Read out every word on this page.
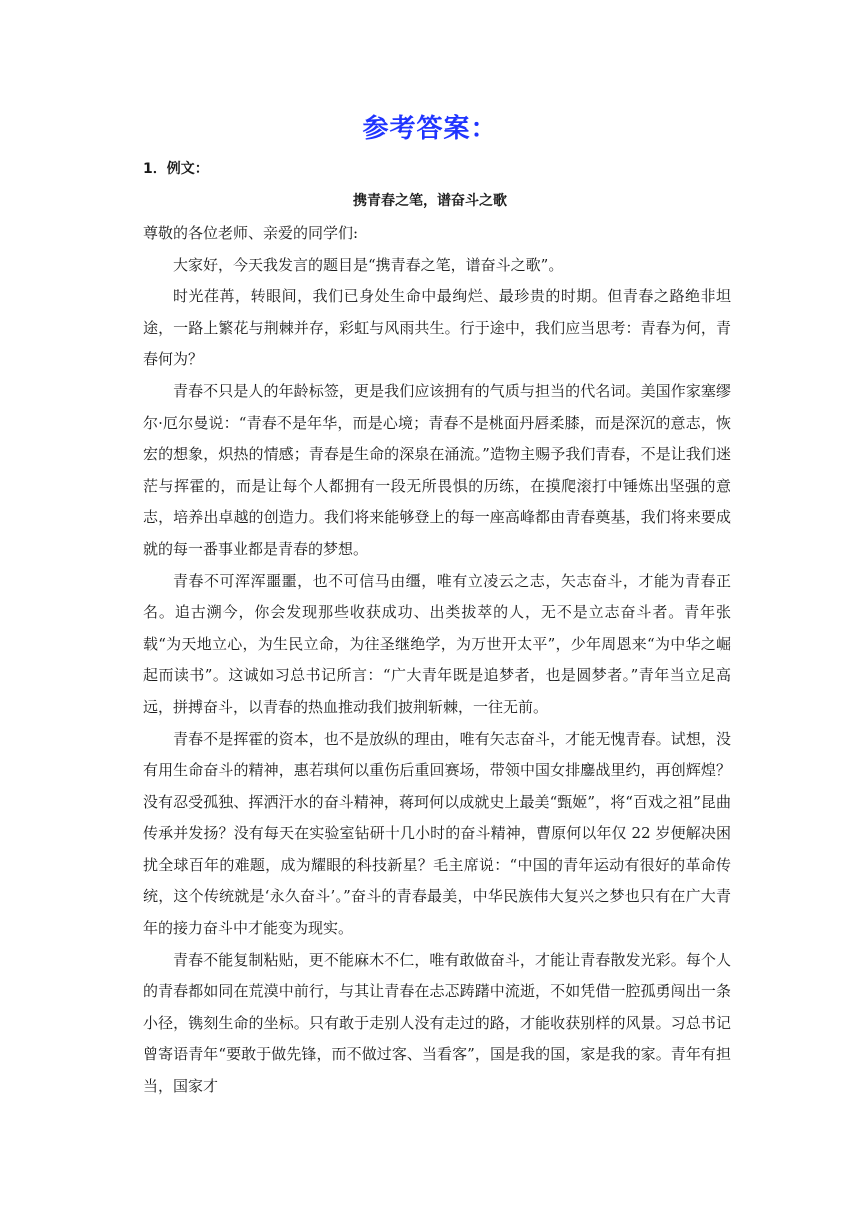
参考答案：
1．例文：
携青春之笔，谱奋斗之歌

尊敬的各位老师、亲爱的同学们:

大家好，今天我发言的题目是“携青春之笔，谱奋斗之歌”。

时光荏苒，转眼间，我们已身处生命中最绚烂、最珍贵的时期。但青春之路绝非坦途，一路上繁花与荆棘并存，彩虹与风雨共生。行于途中，我们应当思考：青春为何，青春何为？

青春不只是人的年龄标签，更是我们应该拥有的气质与担当的代名词。美国作家塞缪尔·厄尔曼说：“青春不是年华，而是心境；青春不是桃面丹唇柔膝，而是深沉的意志，恢宏的想象，炽热的情感；青春是生命的深泉在涌流。”造物主赐予我们青春，不是让我们迷茫与挥霍的，而是让每个人都拥有一段无所畏惧的历练，在摸爬滚打中锤炼出坚强的意志，培养出卓越的创造力。我们将来能够登上的每一座高峰都由青春奠基，我们将来要成就的每一番事业都是青春的梦想。

青春不可浑浑噩噩，也不可信马由缰，唯有立凌云之志，矢志奋斗，才能为青春正名。追古溯今，你会发现那些收获成功、出类拔萃的人，无不是立志奋斗者。青年张载“为天地立心，为生民立命，为往圣继绝学，为万世开太平”，少年周恩来“为中华之崛起而读书”。这诚如习总书记所言：“广大青年既是追梦者，也是圆梦者。”青年当立足高远，拼搏奋斗，以青春的热血推动我们披荆斩棘，一往无前。

青春不是挥霍的资本，也不是放纵的理由，唯有矢志奋斗，才能无愧青春。试想，没有用生命奋斗的精神，惠若琪何以重伤后重回赛场，带领中国女排鏖战里约，再创辉煌？没有忍受孤独、挥洒汗水的奋斗精神，蒋珂何以成就史上最美“甄姬”，将“百戏之祖”昆曲传承并发扬？没有每天在实验室钻研十几小时的奋斗精神，曹原何以年仅 22 岁便解决困扰全球百年的难题，成为耀眼的科技新星？毛主席说：“中国的青年运动有很好的革命传统，这个传统就是‘永久奋斗’。”奋斗的青春最美，中华民族伟大复兴之梦也只有在广大青年的接力奋斗中才能变为现实。

青春不能复制粘贴，更不能麻木不仁，唯有敢做奋斗，才能让青春散发光彩。每个人的青春都如同在荒漠中前行，与其让青春在忐忑踌躇中流逝，不如凭借一腔孤勇闯出一条小径，镌刻生命的坐标。只有敢于走别人没有走过的路，才能收获别样的风景。习总书记曾寄语青年“要敢于做先锋，而不做过客、当看客”，国是我的国，家是我的家。青年有担当，国家才
